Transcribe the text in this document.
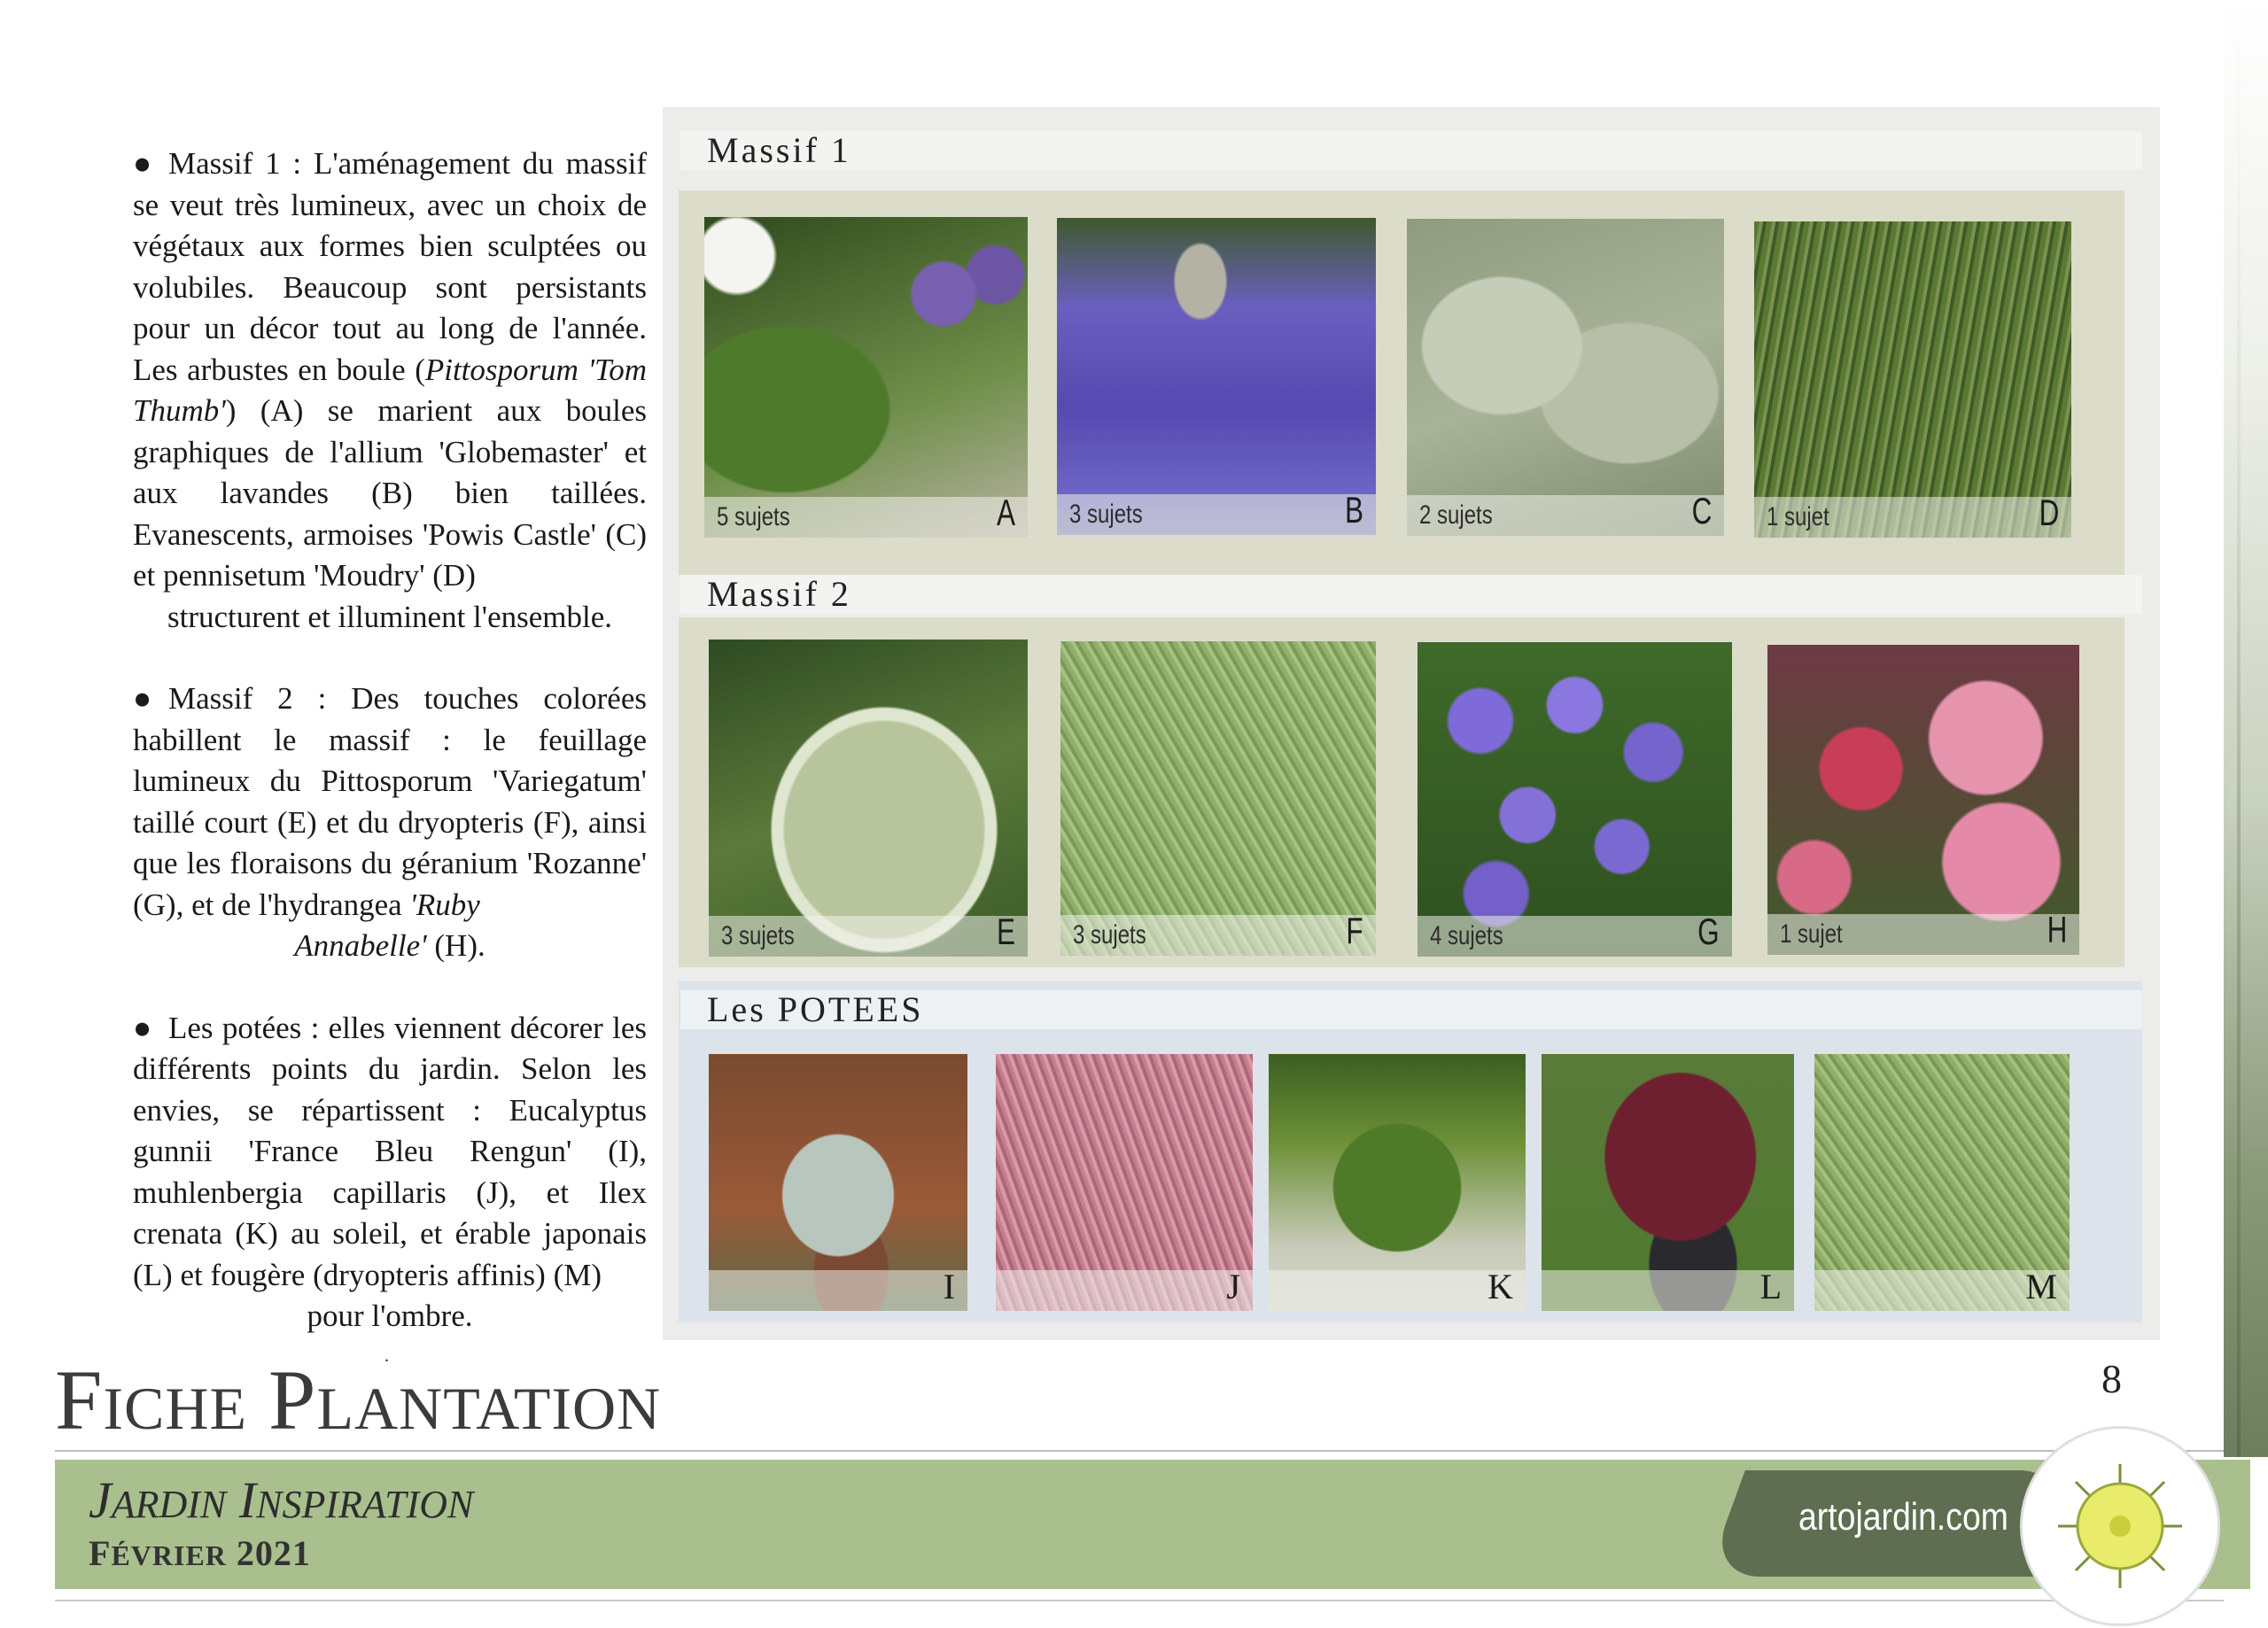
● Massif 1 : L'aménagement du massif se veut très lumineux, avec un choix de végétaux aux formes bien sculptées ou volubiles. Beaucoup sont persistants pour un décor tout au long de l'année. Les arbustes en boule (Pittosporum 'Tom Thumb') (A) se marient aux boules graphiques de l'allium 'Globemaster' et aux lavandes (B) bien taillées. Evanescents, armoises 'Powis Castle' (C) et pennisetum 'Moudry' (D)
structurent et illuminent l'ensemble.

● Massif 2 : Des touches colorées habillent le massif : le feuillage lumineux du Pittosporum 'Variegatum' taillé court (E) et du dryopteris (F), ainsi que les floraisons du géranium 'Rozanne' (G), et de l'hydrangea 'Ruby
Annabelle' (H).

● Les potées : elles viennent décorer les différents points du jardin. Selon les envies, se répartissent : Eucalyptus gunnii 'France Bleu Rengun' (I), muhlenbergia capillaris (J), et Ilex crenata (K) au soleil, et érable japonais (L) et fougère (dryopteris affinis) (M)
pour l'ombre.

.
Massif 1
Massif 2
Les POTEES
5 sujets	A 3 sujets	B 2 sujets	C 1 sujet	D
3 sujets	E 3 sujets	F	4 sujets	G 1 sujet	H
I	J	K	L	M
FICHE PLANTATION	8
JARDIN INSPIRATION
FÉVRIER 2021
artojardin.com
